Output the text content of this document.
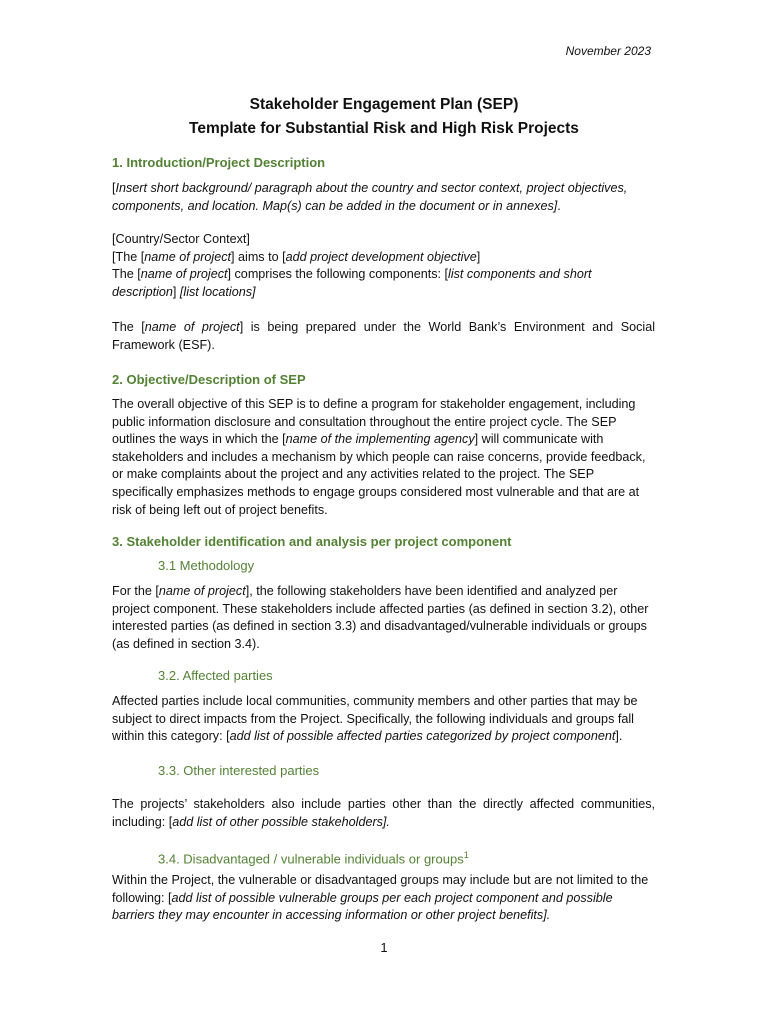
November 2023
Stakeholder Engagement Plan (SEP)
Template for Substantial Risk and High Risk Projects
1. Introduction/Project Description
[Insert short background/ paragraph about the country and sector context, project objectives, components, and location. Map(s) can be added in the document or in annexes].
[Country/Sector Context]
[The [name of project] aims to [add project development objective]
The [name of project] comprises the following components: [list components and short description] [list locations]
The [name of project] is being prepared under the World Bank’s Environment and Social Framework (ESF).
2. Objective/Description of SEP
The overall objective of this SEP is to define a program for stakeholder engagement, including public information disclosure and consultation throughout the entire project cycle. The SEP outlines the ways in which the [name of the implementing agency] will communicate with stakeholders and includes a mechanism by which people can raise concerns, provide feedback, or make complaints about the project and any activities related to the project. The SEP specifically emphasizes methods to engage groups considered most vulnerable and that are at risk of being left out of project benefits.
3. Stakeholder identification and analysis per project component
3.1 Methodology
For the [name of project], the following stakeholders have been identified and analyzed per project component. These stakeholders include affected parties (as defined in section 3.2), other interested parties (as defined in section 3.3) and disadvantaged/vulnerable individuals or groups (as defined in section 3.4).
3.2. Affected parties
Affected parties include local communities, community members and other parties that may be subject to direct impacts from the Project. Specifically, the following individuals and groups fall within this category: [add list of possible affected parties categorized by project component].
3.3. Other interested parties
The projects’ stakeholders also include parties other than the directly affected communities, including: [add list of other possible stakeholders].
3.4. Disadvantaged / vulnerable individuals or groups$^1$
Within the Project, the vulnerable or disadvantaged groups may include but are not limited to the following: [add list of possible vulnerable groups per each project component and possible barriers they may encounter in accessing information or other project benefits].
1
